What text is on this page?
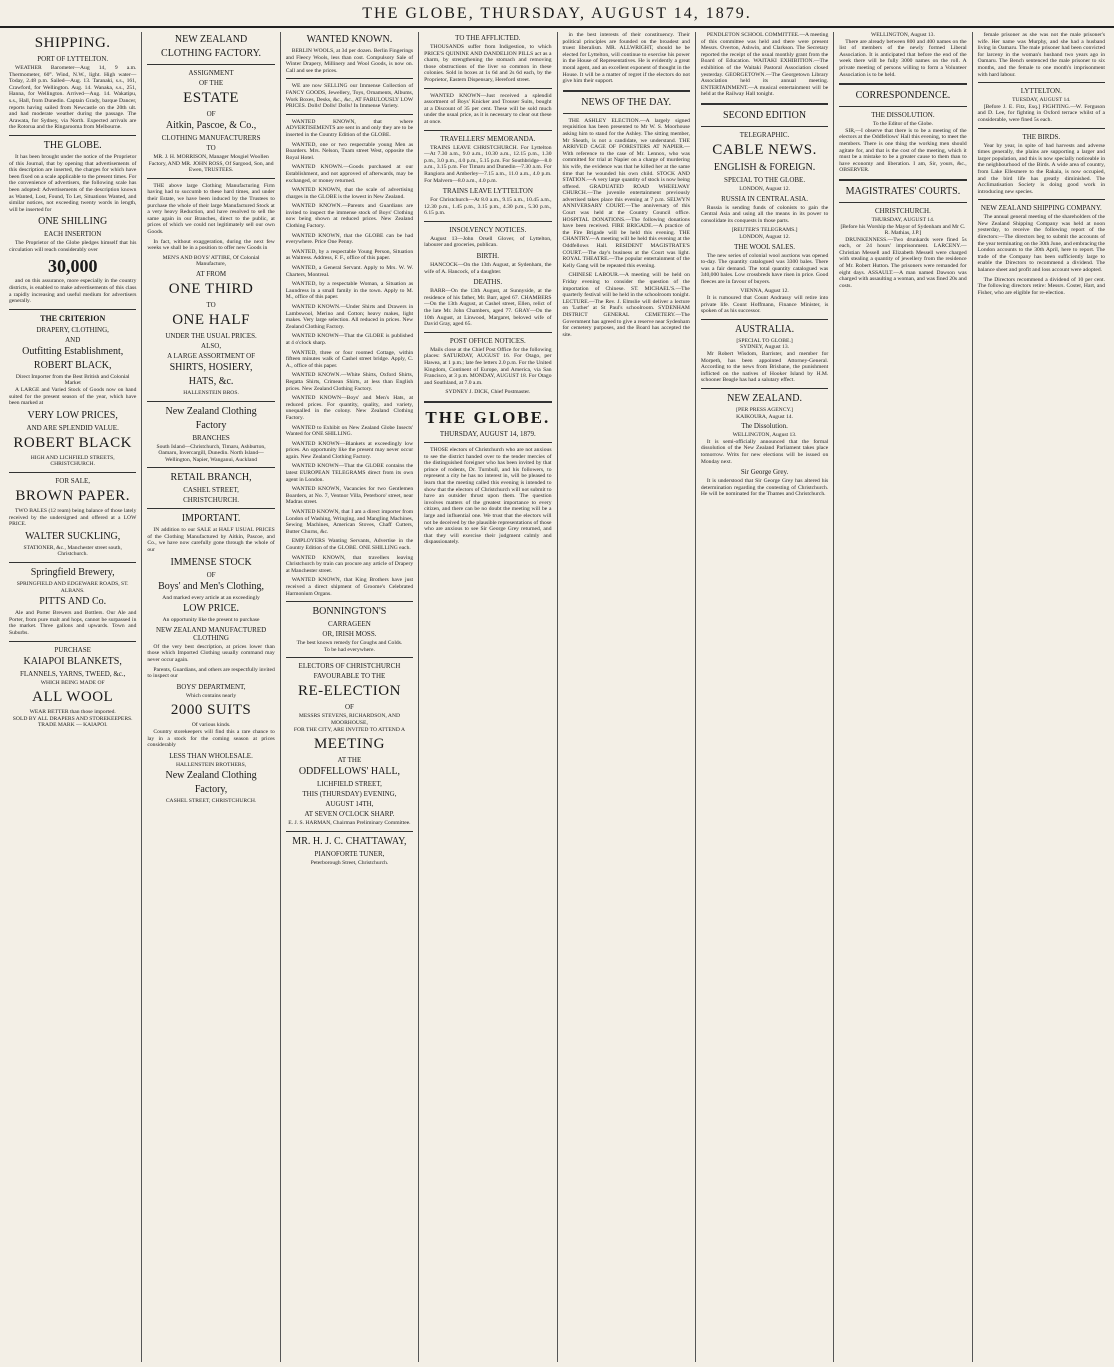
THE GLOBE, THURSDAY, AUGUST 14, 1879.
SHIPPING.
PORT OF LYTTELTON.
WEATHER Barometer—Aug 14, 9 a.m. Thermometer, 60°. Wind, N.W., light. High water—Today, 2.48 p.m. Sailed—Aug. 13. Taranaki, s.s., 161, Crawford, for Wellington. Aug. 14. Wanaka, s.s., 251, Hanna, for Wellington. Arrived—Aug. 14. Wakatipu, s.s., Hall, from Dunedin. Captain Grady, barque Dancer, reports having sailed from Newcastle on the 20th ult. and had moderate weather during the passage. The Arawata, for Sydney, via North. Expected arrivals are the Rotorua and the Ringarooma from Melbourne.
THE GLOBE.
It has been brought under the notice of the Proprietor of this Journal, that by opening that advertisements of this description are inserted, the charges for which have been fixed on a scale applicable to the present times. For the convenience of advertisers, the following scale has been adopted: Advertisements of the description known as Wanted, Lost, Found, To Let, Situations Wanted, and similar notices, not exceeding twenty words in length, will be inserted for
ONE SHILLING
EACH INSERTION
The Proprietor of the Globe pledges himself that his circulation will reach considerably over
30,000
and on this assurance, more especially in the country districts, is enabled to make advertisements of this class a rapidly increasing and useful medium for advertisers generally.
THE CRITERION
DRAPERY, CLOTHING,
AND
Outfitting Establishment,
ROBERT BLACK,
Direct Importer from the Best British and Colonial Market
A LARGE and Varied Stock of Goods now on hand suited for the present season of the year, which have been marked at
VERY LOW PRICES,
AND ARE SPLENDID VALUE.
ROBERT BLACK
HIGH AND LICHFIELD STREETS, CHRISTCHURCH.
FOR SALE,
BROWN PAPER.
TWO BALES (12 ream) being balance of those lately received by the undersigned and offered at a LOW PRICE.
WALTER SUCKLING,
STATIONER, &c., Manchester street south, Christchurch.
Springfield Brewery,
SPRINGFIELD AND EDGEWARE ROADS, ST. ALBANS.
PITTS AND Co.
Ale and Porter Brewers and Bottlers. Our Ale and Porter, from pure malt and hops, cannot be surpassed in the market. Three gallons and upwards. Town and Suburbs.
PURCHASE
KAIAPOI BLANKETS,
FLANNELS, YARNS, TWEED, &c.,
WHICH BEING MADE OF
ALL WOOL
WEAR BETTER than those imported.
SOLD BY ALL DRAPERS AND STOREKEEPERS.
TRADE MARK — KAIAPOI.
NEW ZEALAND
CLOTHING FACTORY.
ASSIGNMENT
OF THE
ESTATE
OF
Aitkin, Pascoe, & Co.,
CLOTHING MANUFACTURERS
TO
MR. J. H. MORRISON, Manager Mosgiel Woollen Factory, AND MR. JOHN ROSS, Of Sargood, Son, and Ewen, TRUSTEES.
THE above large Clothing Manufacturing Firm having had to succumb to these hard times, and under their Estate, we have been induced by the Trustees to purchase the whole of their large Manufactured Stock at a very heavy Reduction, and have resolved to sell the same again in our Branches, direct to the public, at prices of which we could not legitimately sell our own Goods.
In fact, without exaggeration, during the next few weeks we shall be in a position to offer new Goods in
MEN'S AND BOYS' ATTIRE, Of Colonial Manufacture,
AT FROM
ONE THIRD
TO
ONE HALF
UNDER THE USUAL PRICES.
ALSO,
A LARGE ASSORTMENT OF
SHIRTS, HOSIERY,
HATS, &c.
HALLENSTEIN BROS.
New Zealand Clothing
Factory
BRANCHES
South Island—Christchurch, Timaru, Ashburton, Oamaru, Invercargill, Dunedin. North Island—Wellington, Napier, Wanganui, Auckland
RETAIL BRANCH,
CASHEL STREET,
CHRISTCHURCH.
IMPORTANT.
IN addition to our SALE at HALF USUAL PRICES of the Clothing Manufactured by Aitkin, Pascoe, and Co., we have now carefully gone through the whole of our
IMMENSE STOCK
OF
Boys' and Men's Clothing,
And marked every article at an exceedingly
LOW PRICE.
An opportunity like the present to purchase
NEW ZEALAND MANUFACTURED CLOTHING
Of the very best description, at prices lower than those which Imported Clothing usually command may never occur again.
Parents, Guardians, and others are respectfully invited to inspect our
BOYS' DEPARTMENT,
Which contains nearly
2000 SUITS
Of various kinds.
Country storekeepers will find this a rare chance to lay in a stock for the coming season at prices considerably
LESS THAN WHOLESALE.
HALLENSTEIN BROTHERS,
New Zealand Clothing
Factory,
CASHEL STREET, CHRISTCHURCH.
WANTED KNOWN.
BERLIN WOOLS, at 3d per dozen. Berlin Fingerings and Fleecy Wools, less than cost. Compulsory Sale of Winter Drapery, Millinery and Wool Goods, is now on. Call and see the prices.
WE are now SELLING our Immense Collection of FANCY GOODS, Jewellery, Toys, Ornaments, Albums, Work Boxes, Desks, &c., &c., AT FABULOUSLY LOW PRICES. Dolls! Dolls! Dolls! In Immense Variety.
WANTED KNOWN, that where ADVERTISEMENTS are sent in and only they are to be inserted in the Country Edition of the GLOBE.
WANTED, one or two respectable young Men as Boarders. Mrs. Nelson, Tuam street West, opposite the Royal Hotel.
WANTED KNOWN.—Goods purchased at our Establishment, and not approved of afterwards, may be exchanged, or money returned.
WANTED KNOWN, that the scale of advertising charges in the GLOBE is the lowest in New Zealand.
WANTED KNOWN.—Parents and Guardians are invited to inspect the immense stock of Boys' Clothing now being shown at reduced prices. New Zealand Clothing Factory.
WANTED KNOWN, that the GLOBE can be had everywhere. Price One Penny.
WANTED, by a respectable Young Person, Situation as Waitress. Address, F. F., office of this paper.
WANTED, a General Servant. Apply to Mrs. W. W. Charters, Montreal.
WANTED, by a respectable Woman, a Situation as Laundress in a small family in the town. Apply to M. M., office of this paper.
WANTED KNOWN.—Under Shirts and Drawers in Lambswool, Merino and Cotton; heavy makes, light makes. Very large selection. All reduced in prices. New Zealand Clothing Factory.
WANTED KNOWN—That the GLOBE is published at 4 o'clock sharp.
WANTED, three or four roomed Cottage, within fifteen minutes walk of Cashel street bridge. Apply, C. A., office of this paper.
WANTED KNOWN.—White Shirts, Oxford Shirts, Regatta Shirts, Crimean Shirts, at less than English prices. New Zealand Clothing Factory.
WANTED KNOWN—Boys' and Men's Hats, at reduced prices. For quantity, quality, and variety, unequalled in the colony. New Zealand Clothing Factory.
WANTED to Exhibit on New Zealand Globe Insects' Wanted for ONE SHILLING.
WANTED KNOWN—Blankets at exceedingly low prices. An opportunity like the present may never occur again. New Zealand Clothing Factory.
WANTED KNOWN—That the GLOBE contains the latest EUROPEAN TELEGRAMS direct from its own agent in London.
WANTED KNOWN, Vacancies for two Gentlemen Boarders, at No. 7, Ventnor Villa, Peterboro' street, near Madras street.
WANTED KNOWN, that I am a direct importer from London of Washing, Wringing, and Mangling Machines, Sewing Machines, American Stoves, Chaff Cutters, Butter Churns, &c.
EMPLOYERS Wanting Servants, Advertise in the Country Edition of the GLOBE. ONE SHILLING each.
WANTED KNOWN, that travellers leaving Christchurch by train can procure any article of Drapery at Manchester street.
WANTED KNOWN, that King Brothers have just received a direct shipment of Groome's Celebrated Harmonium Organs.
BONNINGTON'S
CARRAGEEN
OR, IRISH MOSS.
The best known remedy for Coughs and Colds.
To be had everywhere.
ELECTORS OF CHRISTCHURCH
FAVOURABLE TO THE
RE-ELECTION
OF
MESSRS STEVENS, RICHARDSON, AND MOORHOUSE,
FOR THE CITY, ARE INVITED TO ATTEND A
MEETING
AT THE
ODDFELLOWS' HALL,
LICHFIELD STREET,
THIS (THURSDAY) EVENING,
AUGUST 14TH,
AT SEVEN O'CLOCK SHARP.
E. J. S. HARMAN, Chairman Preliminary Committee.
MR. H. J. C. CHATTAWAY,
PIANOFORTE TUNER,
Peterborough Street, Christchurch.
TO THE AFFLICTED.
THOUSANDS suffer from Indigestion, to which PRICE'S QUININE AND DANDELION PILLS act as a charm, by strengthening the stomach and removing those obstructions of the liver so common in these colonies. Sold in boxes at 1s 6d and 2s 6d each, by the Proprietor, Eastern Dispensary, Hereford street.
WANTED KNOWN—Just received a splendid assortment of Boys' Knicker and Trouser Suits, bought at a Discount of 35 per cent. These will be sold much under the usual price, as it is necessary to clear out these at once.
TRAVELLERS' MEMORANDA.
TRAINS LEAVE CHRISTCHURCH. For Lyttelton—At 7.30 a.m., 9.0 a.m., 10.30 a.m., 12.15 p.m., 1.30 p.m., 3.0 p.m., 4.0 p.m., 5.15 p.m. For Southbridge—8.0 a.m., 3.15 p.m. For Timaru and Dunedin—7.30 a.m. For Rangiora and Amberley—7.15 a.m., 11.0 a.m., 4.0 p.m. For Malvern—8.0 a.m., 4.0 p.m.
TRAINS LEAVE LYTTELTON
For Christchurch—At 8.0 a.m., 9.15 a.m., 10.45 a.m., 12.30 p.m., 1.45 p.m., 3.15 p.m., 4.30 p.m., 5.30 p.m., 6.15 p.m.
INSOLVENCY NOTICES.
August 13—John Orsell Glover, of Lyttelton, labourer and groceries, publican.
BIRTH.
HANCOCK—On the 13th August, at Sydenham, the wife of A. Hancock, of a daughter.
DEATHS.
BARR—On the 13th August, at Sunnyside, at the residence of his father, Mr. Barr, aged 67. CHAMBERS—On the 13th August, at Cashel street, Ellen, relict of the late Mr. John Chambers, aged 77. GRAY—On the 10th August, at Linwood, Margaret, beloved wife of David Gray, aged 65.
POST OFFICE NOTICES.
Mails close at the Chief Post Office for the following places: SATURDAY, AUGUST 16. For Otago, per Hawea, at 1 p.m.; late fee letters 2.0 p.m. For the United Kingdom, Continent of Europe, and America, via San Francisco, at 3 p.m. MONDAY, AUGUST 18. For Otago and Southland, at 7.0 a.m.
SYDNEY J. DICK, Chief Postmaster.
THE GLOBE.
THURSDAY, AUGUST 14, 1879.
THOSE electors of Christchurch who are not anxious to see the district handed over to the tender mercies of the distinguished foreigner who has been invited by that prince of rodents, Dr. Turnbull, and his followers, to represent a city he has no interest in, will be pleased to learn that the meeting called this evening is intended to show that the electors of Christchurch will not submit to have an outsider thrust upon them. The question involves matters of the greatest importance to every citizen, and there can be no doubt the meeting will be a large and influential one. We trust that the electors will not be deceived by the plausible representations of those who are anxious to see Sir George Grey returned, and that they will exercise their judgment calmly and dispassionately.
in the best interests of their constituency. Their political principles are founded on the broadest and truest liberalism. MR. ALLWRIGHT, should he be elected for Lyttelton, will continue to exercise his power in the House of Representatives. He is evidently a great moral agent, and an excellent exponent of thought in the House. It will be a matter of regret if the electors do not give him their support.
NEWS OF THE DAY.
THE ASHLEY ELECTION.—A largely signed requisition has been presented to Mr W. S. Moorhouse asking him to stand for the Ashley. The sitting member, Mr Sheath, is not a candidate, we understand. THE ARRIVED CAGE OF FORESTERS AT NAPIER.—With reference to the case of Mr. Lennox, who was committed for trial at Napier on a charge of murdering his wife, the evidence was that he killed her at the same time that he wounded his own child. STOCK AND STATION.—A very large quantity of stock is now being offered. GRADUATED ROAD WHEELWAY CHURCH.—The juvenile entertainment previously advertised takes place this evening at 7 p.m. SELWYN ANNIVERSARY COURT.—The anniversary of this Court was held at the Country Council office. HOSPITAL DONATIONS.—The following donations have been received. FIRE BRIGADE.—A practice of the Fire Brigade will be held this evening. THE CHANTRY.—A meeting will be held this evening at the Oddfellows Hall. RESIDENT MAGISTRATE'S COURT.—The day's business at the Court was light. ROYAL THEATRE.—The popular entertainment of the Kelly Gang will be repeated this evening.
CHINESE LABOUR.—A meeting will be held on Friday evening to consider the question of the importation of Chinese. ST. MICHAEL'S.—The quarterly festival will be held in the schoolroom tonight. LECTURE.—The Rev. J. Elmslie will deliver a lecture on 'Luther' at St Paul's schoolroom. SYDENHAM DISTRICT GENERAL CEMETERY.—The Government has agreed to give a reserve near Sydenham for cemetery purposes, and the Board has accepted the site.
PENDLETON SCHOOL COMMITTEE.—A meeting of this committee was held and there were present Messrs. Overton, Ashwin, and Clarkson. The Secretary reported the receipt of the usual monthly grant from the Board of Education. WAITAKI EXHIBITION.—The exhibition of the Waitaki Pastoral Association closed yesterday. GEORGETOWN.—The Georgetown Library Association held its annual meeting. ENTERTAINMENT.—A musical entertainment will be held at the Railway Hall tonight.
SECOND EDITION
TELEGRAPHIC.
CABLE NEWS.
ENGLISH & FOREIGN.
SPECIAL TO THE GLOBE.
LONDON, August 12.
RUSSIA IN CENTRAL ASIA.
Russia is sending funds of colonists to gain the Central Asia and using all the means in its power to consolidate its conquests in those parts.
[REUTER'S TELEGRAMS.]
LONDON, August 12.
THE WOOL SALES.
The new series of colonial wool auctions was opened to-day. The quantity catalogued was 3300 bales. There was a fair demand. The total quantity catalogued was 340,000 bales. Low crossbreds have risen in price. Good fleeces are in favour of buyers.
VIENNA, August 12.
It is rumoured that Count Andrassy will retire into private life. Count Hoffmann, Finance Minister, is spoken of as his successor.
AUSTRALIA.
[SPECIAL TO GLOBE.]
SYDNEY, August 13.
Mr Robert Wisdom, Barrister, and member for Morpeth, has been appointed Attorney-General. According to the news from Brisbane, the punishment inflicted on the natives of Hooker Island by H.M. schooner Beagle has had a salutary effect.
NEW ZEALAND.
[PER PRESS AGENCY.]
KAIKOURA, August 14.
The Dissolution.
WELLINGTON, August 13.
It is semi-officially announced that the formal dissolution of the New Zealand Parliament takes place tomorrow. Writs for new elections will be issued on Monday next.
Sir George Grey.
It is understood that Sir George Grey has altered his determination regarding the contesting of Christchurch. He will be nominated for the Thames and Christchurch.
WELLINGTON, August 13.
There are already between 800 and 400 names on the list of members of the newly formed Liberal Association. It is anticipated that before the end of the week there will be fully 3000 names on the roll. A private meeting of persons willing to form a Volunteer Association is to be held.
CORRESPONDENCE.
THE DISSOLUTION.
To the Editor of the Globe.
SIR,—I observe that there is to be a meeting of the electors at the Oddfellows' Hall this evening, to meet the members. There is one thing the working men should agitate for, and that is the cost of the meeting, which it must be a mistake to be a greater cause to them than to have economy and liberation. I am, Sir, yours, &c., OBSERVER.
MAGISTRATES' COURTS.
CHRISTCHURCH.
THURSDAY, AUGUST 14.
[Before his Worship the Mayor of Sydenham and Mr C. R. Mathias, J.P.]
DRUNKENNESS.—Two drunkards were fined 5s each, or 24 hours' imprisonment. LARCENY.—Christian Messell and Elizabeth Messell were charged with stealing a quantity of jewellery from the residence of Mr. Robert Hutton. The prisoners were remanded for eight days. ASSAULT.—A man named Dawson was charged with assaulting a woman, and was fined 20s and costs.
female prisoner as she was not the male prisoner's wife. Her name was Murphy, and she had a husband living in Oamaru. The male prisoner had been convicted for larceny in the woman's husband two years ago in Oamaru. The Bench sentenced the male prisoner to six months, and the female to one month's imprisonment with hard labour.
LYTTELTON.
TUESDAY, AUGUST 14.
[Before J. E. Fitz, Esq.] FIGHTING.—W. Ferguson and D. Lee, for fighting in Oxford terrace whilst of a considerable, were fined 5s each.
THE BIRDS.
Year by year, in spite of bad harvests and adverse times generally, the plains are supporting a larger and larger population, and this is now specially noticeable in the neighbourhood of the Birds. A wide area of country, from Lake Ellesmere to the Rakaia, is now occupied, and the bird life has greatly diminished. The Acclimatisation Society is doing good work in introducing new species.
NEW ZEALAND SHIPPING COMPANY.
The annual general meeting of the shareholders of the New Zealand Shipping Company was held at noon yesterday, to receive the following report of the directors:—The directors beg to submit the accounts of the year terminating on the 30th June, and embracing the London accounts to the 30th April, here to report. The trade of the Company has been sufficiently large to enable the Directors to recommend a dividend. The balance sheet and profit and loss account were adopted.
The Directors recommend a dividend of 10 per cent. The following directors retire: Messrs. Coster, Hart, and Fisher, who are eligible for re-election.
